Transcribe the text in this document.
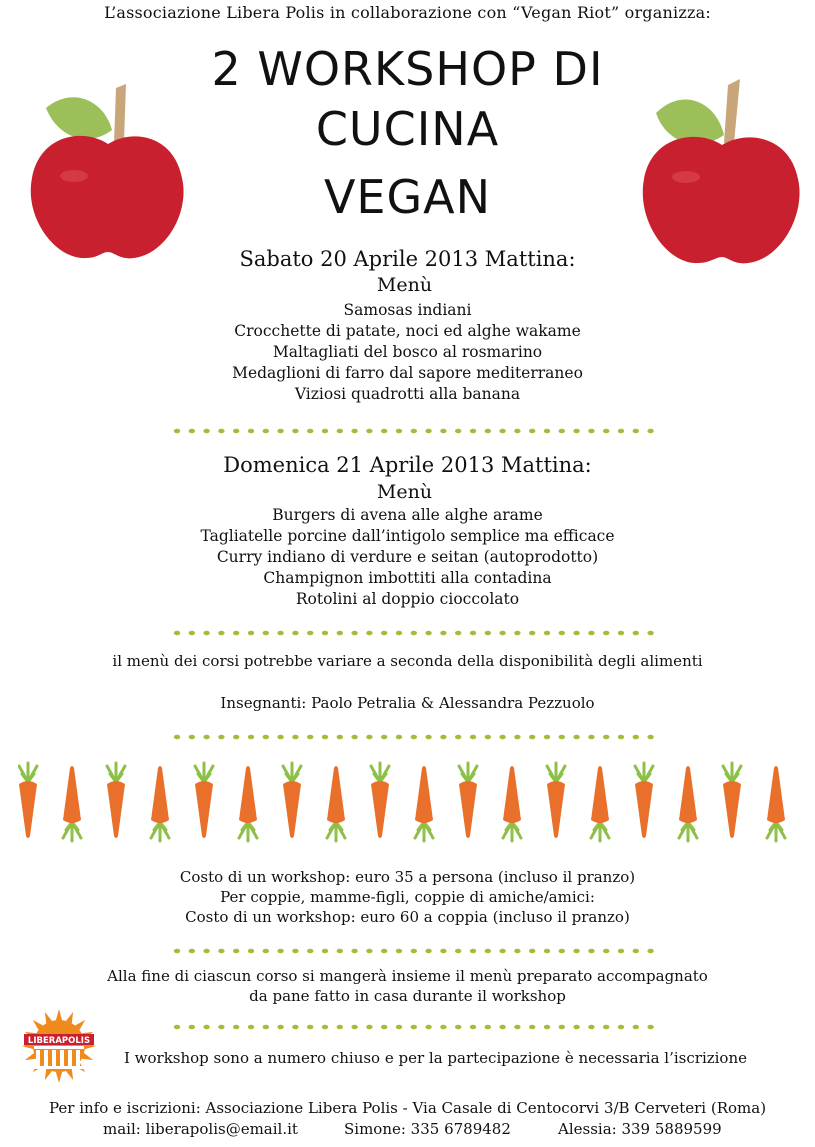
L’associazione Libera Polis in collaborazione con “Vegan Riot” organizza:
2 WORKSHOP DI
CUCINA
VEGAN
Sabato 20 Aprile 2013 Mattina:
Menù
Samosas indiani
Crocchette di patate, noci ed alghe wakame
Maltagliati del bosco al rosmarino
Medaglioni di farro dal sapore mediterraneo
Viziosi quadrotti alla banana
Domenica 21 Aprile 2013 Mattina:
Menù
Burgers di avena alle alghe arame
Tagliatelle porcine dall’intigolo semplice ma efficace
Curry indiano di verdure e seitan (autoprodotto)
Champignon imbottiti alla contadina
Rotolini al doppio cioccolato
il menù dei corsi potrebbe variare a seconda della disponibilità degli alimenti
Insegnanti: Paolo Petralia & Alessandra Pezzuolo
Costo di un workshop: euro 35 a persona (incluso il pranzo)
Per coppie, mamme-figli, coppie di amiche/amici:
Costo di un workshop: euro 60 a coppia (incluso il pranzo)
Alla fine di ciascun corso si mangerà insieme il menù preparato accompagnato
da pane fatto in casa durante il workshop
LIBERAPOLIS
I workshop sono a numero chiuso e per la partecipazione è necessaria l’iscrizione
Per info e iscrizioni: Associazione Libera Polis - Via Casale di Centocorvi 3/B Cerveteri (Roma)
mail: liberapolis@email.it	Simone: 335 6789482	Alessia: 339 5889599
